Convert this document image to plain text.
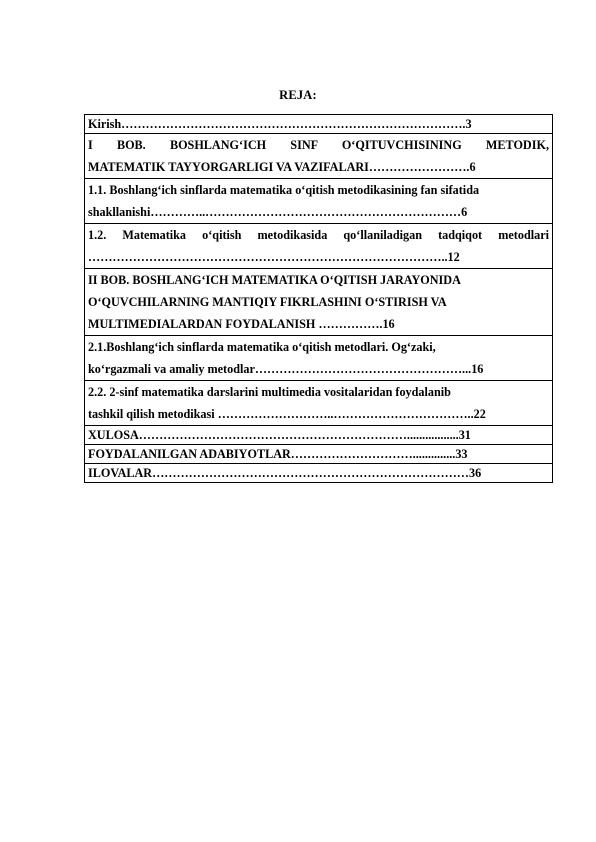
REJA:
Kirish………………………………………………………………………….3

I BOB. BOSHLANG‘ICH SINF O‘QITUVCHISINING METODIK,
MATEMATIK TAYYORGARLIGI VA VAZIFALARI…………………….6

1.1. Boshlang‘ich sinflarda matematika o‘qitish metodikasining fan sifatida
shakllanishi…………..………………………………………………………6

1.2. Matematika o‘qitish metodikasida qo‘llaniladigan tadqiqot metodlari
……………………………………………………………………………..12

II BOB. BOSHLANG‘ICH MATEMATIKA O‘QITISH JARAYONIDA
O‘QUVCHILARNING MANTIQIY FIKRLASHINI O‘STIRISH VA
MULTIMEDIALARDAN FOYDALANISH …………….16

2.1.Boshlang‘ich sinflarda matematika o‘qitish metodlari. Og‘zaki,
ko‘rgazmali va amaliy metodlar……………………………………………...16

2.2. 2-sinf matematika darslarini multimedia vositalaridan foydalanib
tashkil qilish metodikasi ………………………..……………………………..22

XULOSA………………………………………………………….................31

FOYDALANILGAN ADABIYOTLAR…………………………..............33

ILOVALAR……………………………………………………………………36
